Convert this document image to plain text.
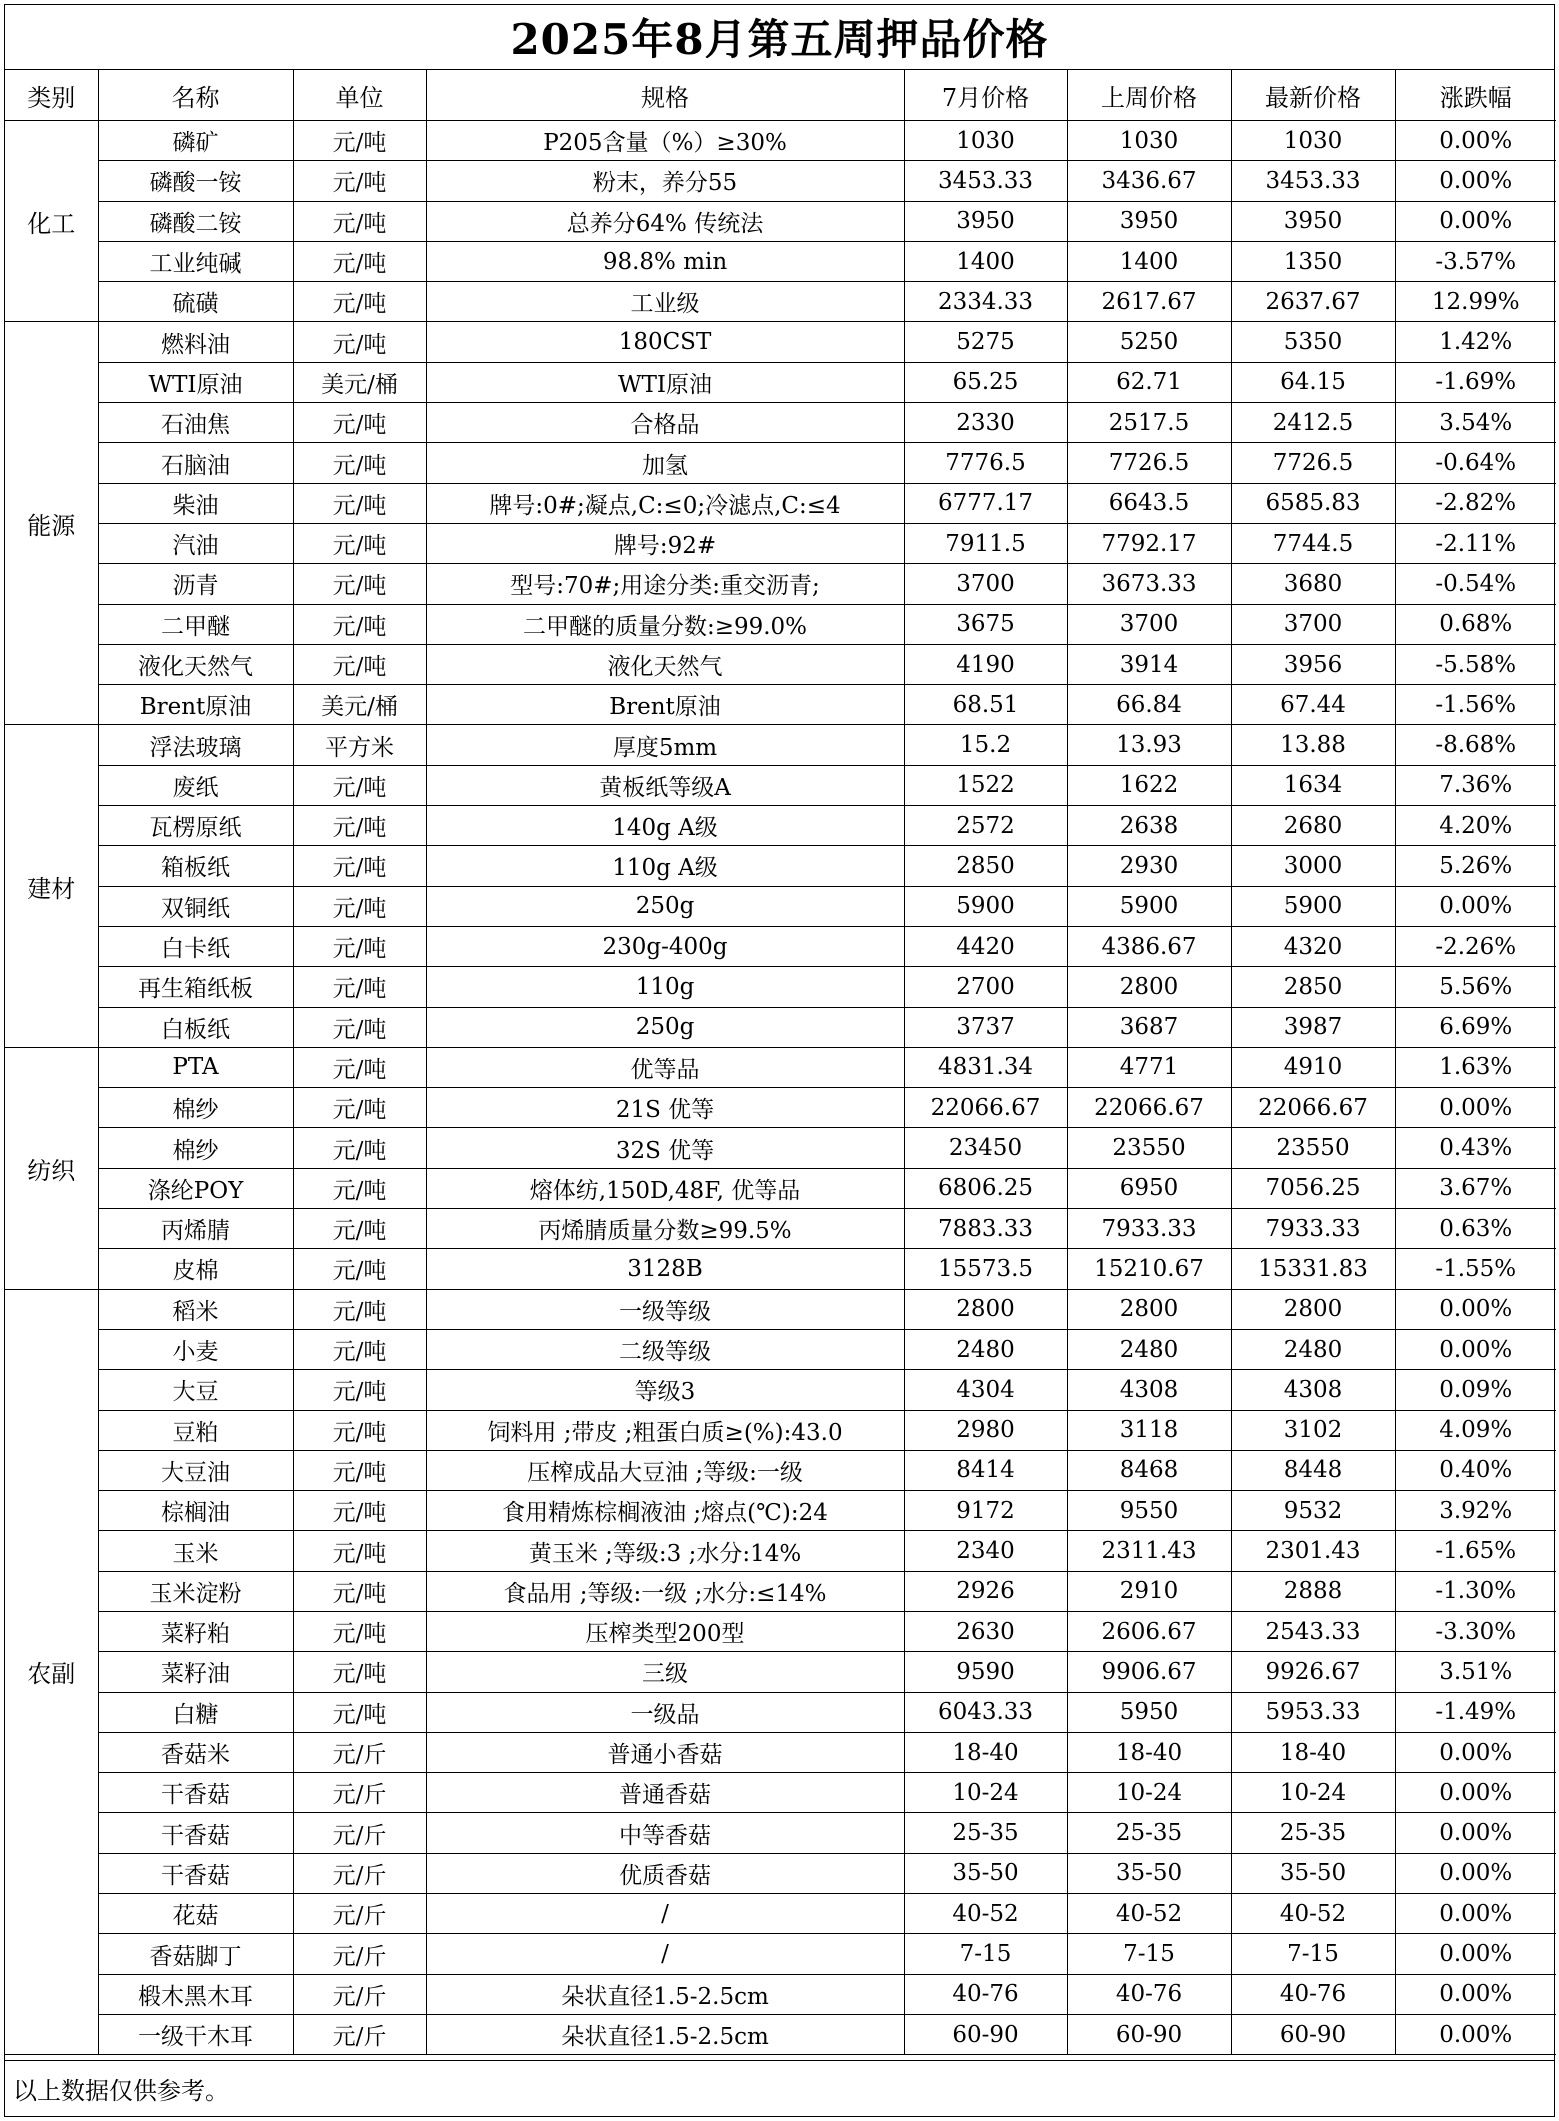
2025年8月第五周押品价格
类别	名称	单位	规格	7月价格	上周价格	最新价格	涨跌幅
化工	磷矿	元/吨	P205含量（%）≥30%	1030	1030	1030	0.00%
	磷酸一铵	元/吨	粉末，养分55	3453.33	3436.67	3453.33	0.00%
	磷酸二铵	元/吨	总养分64% 传统法	3950	3950	3950	0.00%
	工业纯碱	元/吨	98.8% min	1400	1400	1350	-3.57%
	硫磺	元/吨	工业级	2334.33	2617.67	2637.67	12.99%
能源	燃料油	元/吨	180CST	5275	5250	5350	1.42%
	WTI原油	美元/桶	WTI原油	65.25	62.71	64.15	-1.69%
	石油焦	元/吨	合格品	2330	2517.5	2412.5	3.54%
	石脑油	元/吨	加氢	7776.5	7726.5	7726.5	-0.64%
	柴油	元/吨	牌号:0#;凝点,C:≤0;冷滤点,C:≤4	6777.17	6643.5	6585.83	-2.82%
	汽油	元/吨	牌号:92#	7911.5	7792.17	7744.5	-2.11%
	沥青	元/吨	型号:70#;用途分类:重交沥青;	3700	3673.33	3680	-0.54%
	二甲醚	元/吨	二甲醚的质量分数:≥99.0%	3675	3700	3700	0.68%
	液化天然气	元/吨	液化天然气	4190	3914	3956	-5.58%
	Brent原油	美元/桶	Brent原油	68.51	66.84	67.44	-1.56%
建材	浮法玻璃	平方米	厚度5mm	15.2	13.93	13.88	-8.68%
	废纸	元/吨	黄板纸等级A	1522	1622	1634	7.36%
	瓦楞原纸	元/吨	140g A级	2572	2638	2680	4.20%
	箱板纸	元/吨	110g A级	2850	2930	3000	5.26%
	双铜纸	元/吨	250g	5900	5900	5900	0.00%
	白卡纸	元/吨	230g-400g	4420	4386.67	4320	-2.26%
	再生箱纸板	元/吨	110g	2700	2800	2850	5.56%
	白板纸	元/吨	250g	3737	3687	3987	6.69%
纺织	PTA	元/吨	优等品	4831.34	4771	4910	1.63%
	棉纱	元/吨	21S 优等	22066.67	22066.67	22066.67	0.00%
	棉纱	元/吨	32S 优等	23450	23550	23550	0.43%
	涤纶POY	元/吨	熔体纺,150D,48F, 优等品	6806.25	6950	7056.25	3.67%
	丙烯腈	元/吨	丙烯腈质量分数≥99.5%	7883.33	7933.33	7933.33	0.63%
	皮棉	元/吨	3128B	15573.5	15210.67	15331.83	-1.55%
农副	稻米	元/吨	一级等级	2800	2800	2800	0.00%
	小麦	元/吨	二级等级	2480	2480	2480	0.00%
	大豆	元/吨	等级3	4304	4308	4308	0.09%
	豆粕	元/吨	饲料用 ;带皮 ;粗蛋白质≥(%):43.0	2980	3118	3102	4.09%
	大豆油	元/吨	压榨成品大豆油 ;等级:一级	8414	8468	8448	0.40%
	棕榈油	元/吨	食用精炼棕榈液油 ;熔点(℃):24	9172	9550	9532	3.92%
	玉米	元/吨	黄玉米 ;等级:3 ;水分:14%	2340	2311.43	2301.43	-1.65%
	玉米淀粉	元/吨	食品用 ;等级:一级 ;水分:≤14%	2926	2910	2888	-1.30%
	菜籽粕	元/吨	压榨类型200型	2630	2606.67	2543.33	-3.30%
	菜籽油	元/吨	三级	9590	9906.67	9926.67	3.51%
	白糖	元/吨	一级品	6043.33	5950	5953.33	-1.49%
	香菇米	元/斤	普通小香菇	18-40	18-40	18-40	0.00%
	干香菇	元/斤	普通香菇	10-24	10-24	10-24	0.00%
	干香菇	元/斤	中等香菇	25-35	25-35	25-35	0.00%
	干香菇	元/斤	优质香菇	35-50	35-50	35-50	0.00%
	花菇	元/斤	/	40-52	40-52	40-52	0.00%
	香菇脚丁	元/斤	/	7-15	7-15	7-15	0.00%
	椴木黑木耳	元/斤	朵状直径1.5-2.5cm	40-76	40-76	40-76	0.00%
	一级干木耳	元/斤	朵状直径1.5-2.5cm	60-90	60-90	60-90	0.00%
以上数据仅供参考。
